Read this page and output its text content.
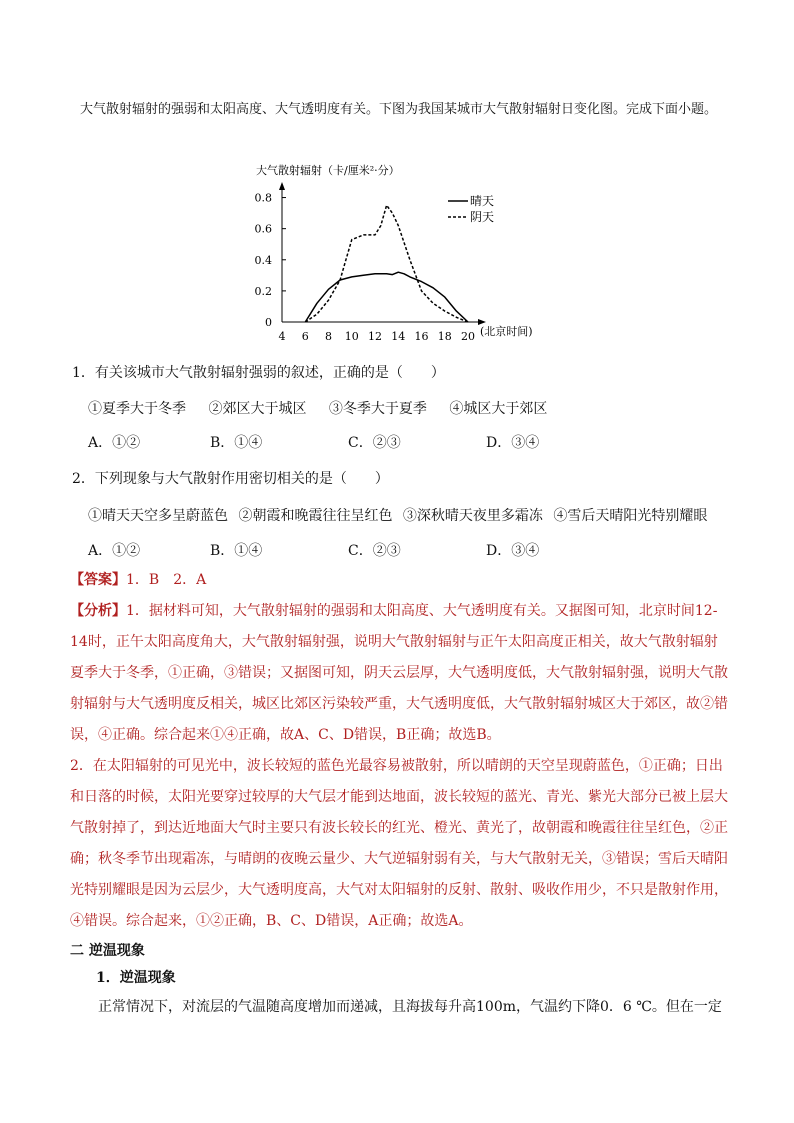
大气散射辐射的强弱和太阳高度、大气透明度有关。下图为我国某城市大气散射辐射日变化图。完成下面小题。
大气散射辐射（卡/厘米²·分）
(北京时间)
4 6 8 10 12 14 16 18 20
0
0.2
0.4
0.6
0.8	晴天
阴天
1．有关该城市大气散射辐射强弱的叙述，正确的是（　　）
①夏季大于冬季 ②郊区大于城区 ③冬季大于夏季 ④城区大于郊区
A．①②	B．①④	C．②③	D．③④
2．下列现象与大气散射作用密切相关的是（　　）
①晴天天空多呈蔚蓝色 ②朝霞和晚霞往往呈红色 ③深秋晴天夜里多霜冻 ④雪后天晴阳光特别耀眼
A．①②	B．①④	C．②③	D．③④
【答案】1．B　2．A

【分析】1．据材料可知，大气散射辐射的强弱和太阳高度、大气透明度有关。又据图可知，北京时间12-14时，正午太阳高度角大，大气散射辐射强，说明大气散射辐射与正午太阳高度正相关，故大气散射辐射夏季大于冬季，①正确，③错误；又据图可知，阴天云层厚，大气透明度低，大气散射辐射强，说明大气散射辐射与大气透明度反相关，城区比郊区污染较严重，大气透明度低，大气散射辐射城区大于郊区，故②错误，④正确。综合起来①④正确，故A、C、D错误，B正确；故选B。

2．在太阳辐射的可见光中，波长较短的蓝色光最容易被散射，所以晴朗的天空呈现蔚蓝色，①正确；日出和日落的时候，太阳光要穿过较厚的大气层才能到达地面，波长较短的蓝光、青光、紫光大部分已被上层大气散射掉了，到达近地面大气时主要只有波长较长的红光、橙光、黄光了，故朝霞和晚霞往往呈红色，②正确；秋冬季节出现霜冻，与晴朗的夜晚云量少、大气逆辐射弱有关，与大气散射无关，③错误；雪后天晴阳光特别耀眼是因为云层少，大气透明度高，大气对太阳辐射的反射、散射、吸收作用少，不只是散射作用，④错误。综合起来，①②正确，B、C、D错误，A正确；故选A。

二 逆温现象
1．逆温现象
正常情况下，对流层的气温随高度增加而递减，且海拔每升高100m，气温约下降0．6 ℃。但在一定
